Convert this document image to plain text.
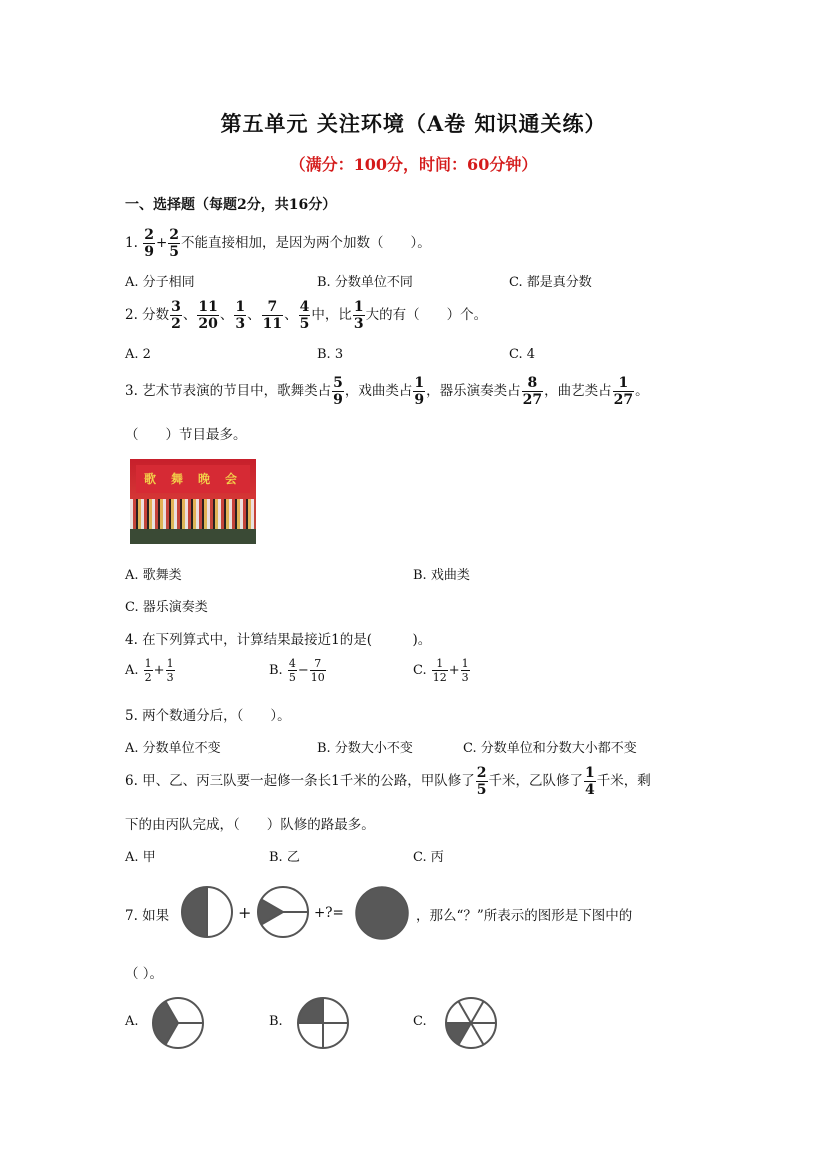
第五单元 关注环境（A卷 知识通关练）
（满分：100分，时间：60分钟）
一、选择题（每题2分，共16分）
1. $\frac{2}{9} + \frac{2}{5}$ 不能直接相加，是因为两个加数（　　）。
A. 分子相同	B. 分数单位不同	C. 都是真分数
2. 分数 $\frac{3}{2}$ 、 $\frac{11}{20}$ 、 $\frac{1}{3}$ 、 $\frac{7}{11}$ 、 $\frac{4}{5}$ 中，比 $\frac{1}{3}$ 大的有（　　）个。
A. 2	B. 3	C. 4
3. 艺术节表演的节目中，歌舞类占 $\frac{5}{9}$ ，戏曲类占 $\frac{1}{9}$ ，器乐演奏类占 $\frac{8}{27}$ ，曲艺类占 $\frac{1}{27}$ 。
（　　）节目最多。
歌 舞 晚 会
A. 歌舞类	B. 戏曲类
C. 器乐演奏类
4. 在下列算式中，计算结果最接近1的是(　　　)。
A. $\frac{1}{2} + \frac{1}{3}$	B. $\frac{4}{5} - \frac{7}{10}$	C. $\frac{1}{12} + \frac{1}{3}$
5. 两个数通分后，（　　）。
A. 分数单位不变	B. 分数大小不变	C. 分数单位和分数大小都不变
6. 甲、乙、丙三队要一起修一条长1千米的公路，甲队修了 $\frac{2}{5}$ 千米，乙队修了 $\frac{1}{4}$ 千米，剩
下的由丙队完成，（　　）队修的路最多。
A. 甲	B. 乙	C. 丙
7. 如果	+	+?=	，那么“？”所表示的图形是下图中的
（ ）。
A.	B.	C.
